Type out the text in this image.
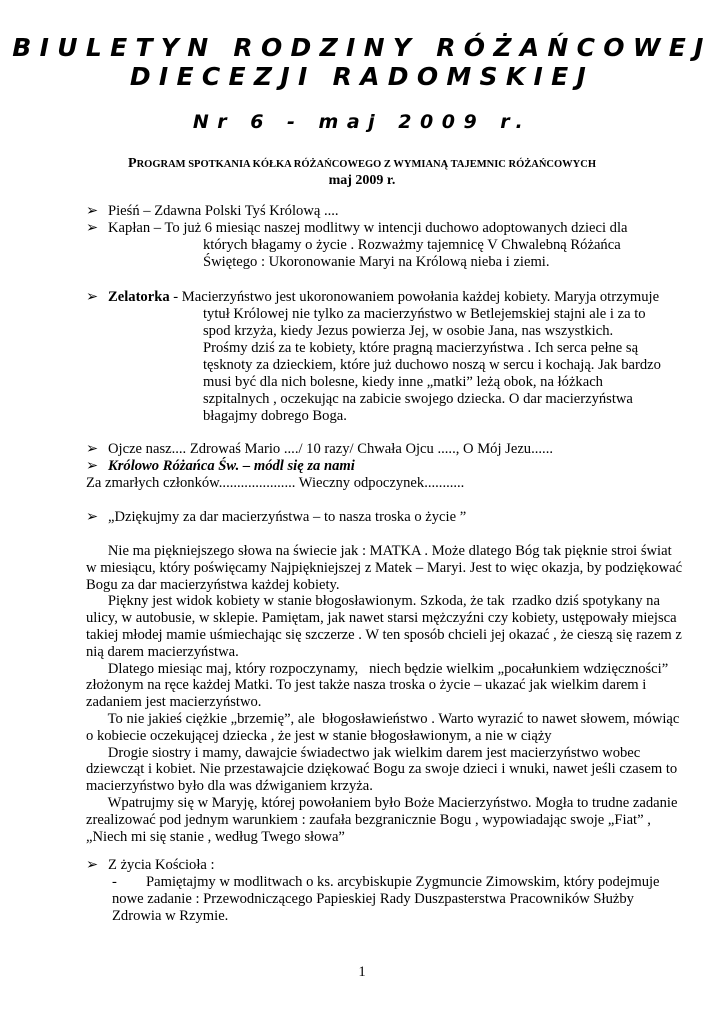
BIULETYN RODZINY RÓŻAŃCOWEJ
DIECEZJI RADOMSKIEJ
Nr 6 - maj 2009 r.
PROGRAM SPOTKANIA KÓŁKA RÓŻAŃCOWEGO Z WYMIANĄ TAJEMNIC RÓŻAŃCOWYCH
maj 2009 r.
➢ Pieśń – Zdawna Polski Tyś Królową ....
➢ Kapłan – To już 6 miesiąc naszej modlitwy w intencji duchowo adoptowanych dzieci dla
których błagamy o życie . Rozważmy tajemnicę V Chwalebną Różańca
Świętego : Ukoronowanie Maryi na Królową nieba i ziemi.
➢ Zelatorka - Macierzyństwo jest ukoronowaniem powołania każdej kobiety. Maryja otrzymuje
tytuł Królowej nie tylko za macierzyństwo w Betlejemskiej stajni ale i za to
spod krzyża, kiedy Jezus powierza Jej, w osobie Jana, nas wszystkich.
Prośmy dziś za te kobiety, które pragną macierzyństwa . Ich serca pełne są
tęsknoty za dzieckiem, które już duchowo noszą w sercu i kochają. Jak bardzo
musi być dla nich bolesne, kiedy inne „matki” leżą obok, na łóżkach
szpitalnych , oczekując na zabicie swojego dziecka. O dar macierzyństwa
błagajmy dobrego Boga.
➢ Ojcze nasz.... Zdrowaś Mario ..../ 10 razy/ Chwała Ojcu ....., O Mój Jezu......
➢ Królowo Różańca Św. – módl się za nami
Za zmarłych członków..................... Wieczny odpoczynek...........
➢ „Dziękujmy za dar macierzyństwa – to nasza troska o życie ”
Nie ma piękniejszego słowa na świecie jak : MATKA . Może dlatego Bóg tak pięknie stroi świat
w miesiącu, który poświęcamy Najpiękniejszej z Matek – Maryi. Jest to więc okazja, by podziękować
Bogu za dar macierzyństwa każdej kobiety.
Piękny jest widok kobiety w stanie błogosławionym. Szkoda, że tak  rzadko dziś spotykany na
ulicy, w autobusie, w sklepie. Pamiętam, jak nawet starsi mężczyźni czy kobiety, ustępowały miejsca
takiej młodej mamie uśmiechając się szczerze . W ten sposób chcieli jej okazać , że cieszą się razem z
nią darem macierzyństwa.
Dlatego miesiąc maj, który rozpoczynamy,   niech będzie wielkim „pocałunkiem wdzięczności”
złożonym na ręce każdej Matki. To jest także nasza troska o życie – ukazać jak wielkim darem i
zadaniem jest macierzyństwo.
To nie jakieś ciężkie „brzemię”, ale  błogosławieństwo . Warto wyrazić to nawet słowem, mówiąc
o kobiecie oczekującej dziecka , że jest w stanie błogosławionym, a nie w ciąży
Drogie siostry i mamy, dawajcie świadectwo jak wielkim darem jest macierzyństwo wobec
dziewcząt i kobiet. Nie przestawajcie dziękować Bogu za swoje dzieci i wnuki, nawet jeśli czasem to
macierzyństwo było dla was dźwiganiem krzyża.
Wpatrujmy się w Maryję, której powołaniem było Boże Macierzyństwo. Mogła to trudne zadanie
zrealizować pod jednym warunkiem : zaufała bezgranicznie Bogu , wypowiadając swoje „Fiat” ,
„Niech mi się stanie , według Twego słowa”
➢ Z życia Kościoła :
- Pamiętajmy w modlitwach o ks. arcybiskupie Zygmuncie Zimowskim, który podejmuje
nowe zadanie : Przewodniczącego Papieskiej Rady Duszpasterstwa Pracowników Służby
Zdrowia w Rzymie.
1
